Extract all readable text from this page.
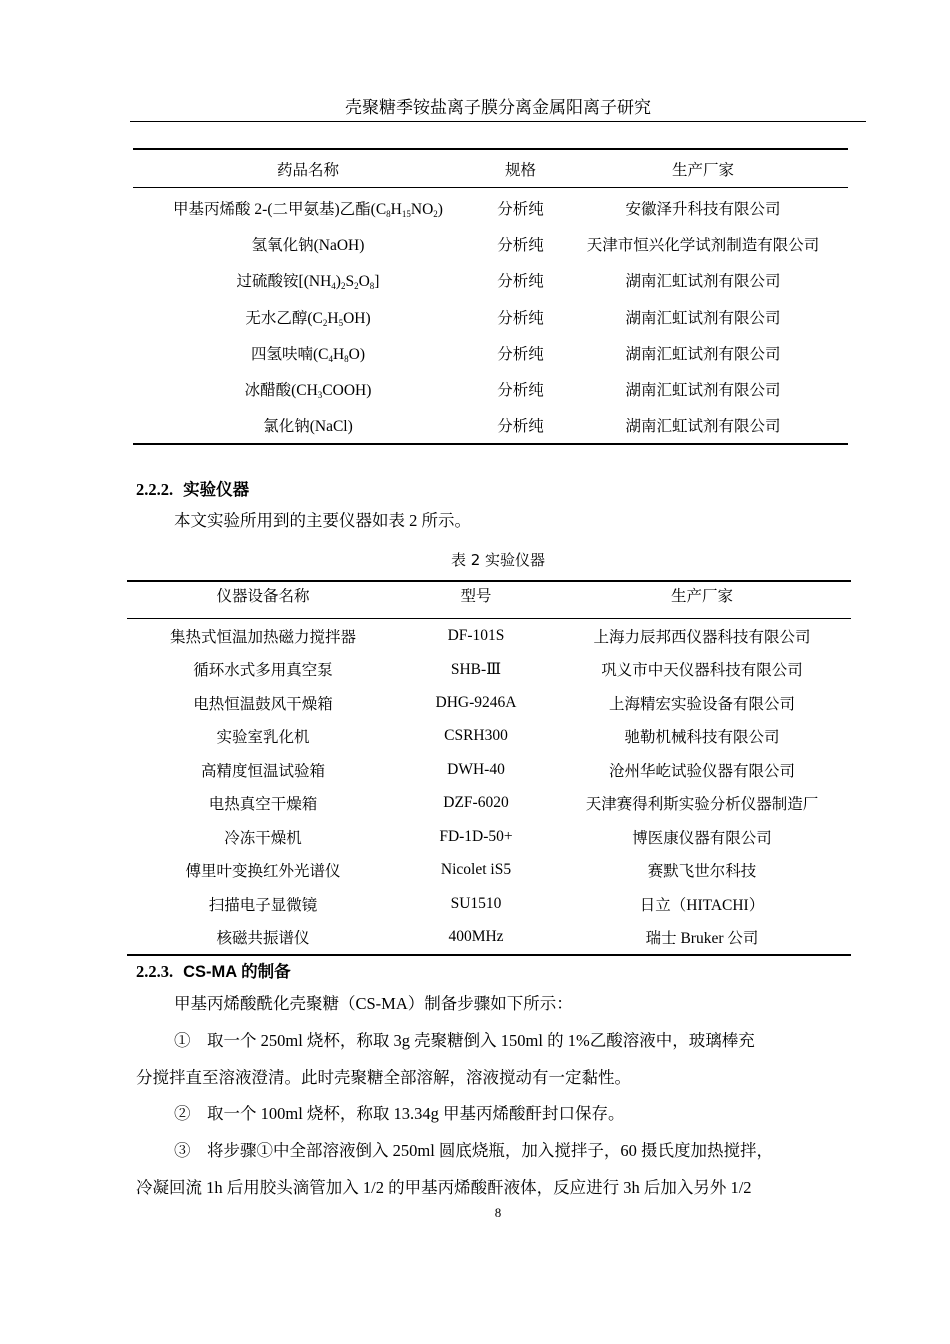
壳聚糖季铵盐离子膜分离金属阳离子研究
药品名称	规格	生产厂家
甲基丙烯酸 2-(二甲氨基)乙酯$(C_8H_{15}NO_2)$	分析纯	安徽泽升科技有限公司
氢氧化钠(NaOH)	分析纯	天津市恒兴化学试剂制造有限公司
过硫酸铵$[(NH_4)_2S_2O_8]$	分析纯	湖南汇虹试剂有限公司
无水乙醇$(C_2H_5OH)$	分析纯	湖南汇虹试剂有限公司
四氢呋喃$(C_4H_8O)$	分析纯	湖南汇虹试剂有限公司
冰醋酸$(CH_3COOH)$	分析纯	湖南汇虹试剂有限公司
氯化钠(NaCl)	分析纯	湖南汇虹试剂有限公司
2.2.2. 实验仪器
本文实验所用到的主要仪器如表 2 所示。
表 2 实验仪器
仪器设备名称	型号	生产厂家
集热式恒温加热磁力搅拌器	DF-101S	上海力辰邦西仪器科技有限公司
循环水式多用真空泵	SHB-Ⅲ	巩义市中天仪器科技有限公司
电热恒温鼓风干燥箱	DHG-9246A	上海精宏实验设备有限公司
实验室乳化机	CSRH300	驰勒机械科技有限公司
高精度恒温试验箱	DWH-40	沧州华屹试验仪器有限公司
电热真空干燥箱	DZF-6020	天津赛得利斯实验分析仪器制造厂
冷冻干燥机	FD-1D-50+	博医康仪器有限公司
傅里叶变换红外光谱仪	Nicolet iS5	赛默飞世尔科技
扫描电子显微镜	SU1510	日立（HITACHI）
核磁共振谱仪	400MHz	瑞士 Bruker 公司
2.2.3. CS-MA 的制备
甲基丙烯酸酰化壳聚糖（CS-MA）制备步骤如下所示：
①　取一个 250ml 烧杯，称取 3g 壳聚糖倒入 150ml 的 1%乙酸溶液中，玻璃棒充
分搅拌直至溶液澄清。此时壳聚糖全部溶解，溶液搅动有一定黏性。
②　取一个 100ml 烧杯，称取 13.34g 甲基丙烯酸酐封口保存。
③　将步骤①中全部溶液倒入 250ml 圆底烧瓶，加入搅拌子，60 摄氏度加热搅拌，
冷凝回流 1h 后用胶头滴管加入 1/2 的甲基丙烯酸酐液体，反应进行 3h 后加入另外 1/2
8
